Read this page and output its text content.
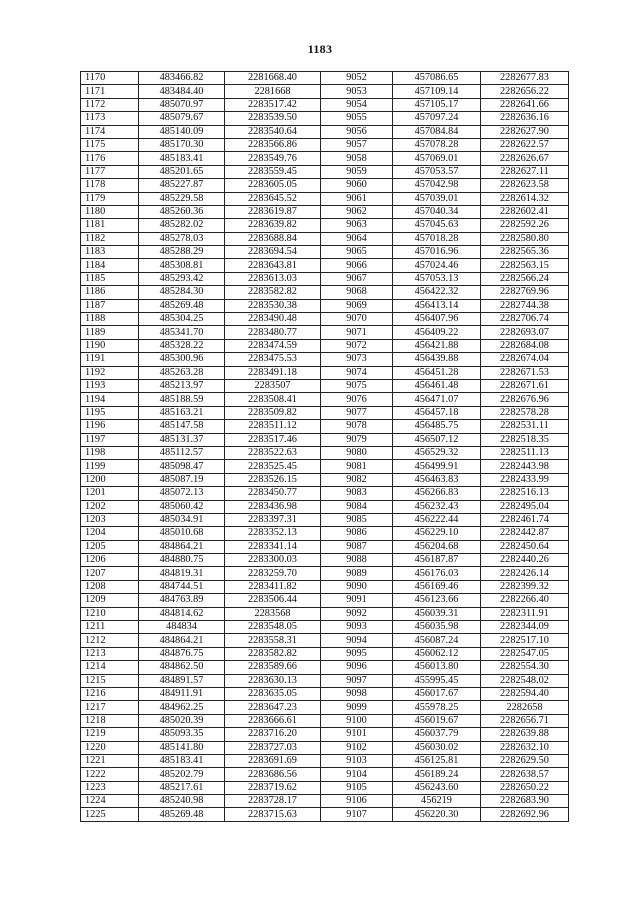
1183
1170	483466.82	2281668.40	9052	457086.65	2282677.83
1171	483484.40	2281668	9053	457109.14	2282656.22
1172	485070.97	2283517.42	9054	457105.17	2282641.66
1173	485079.67	2283539.50	9055	457097.24	2282636.16
1174	485140.09	2283540.64	9056	457084.84	2282627.90
1175	485170.30	2283566.86	9057	457078.28	2282622.57
1176	485183.41	2283549.76	9058	457069.01	2282626.67
1177	485201.65	2283559.45	9059	457053.57	2282627.11
1178	485227.87	2283605.05	9060	457042.98	2282623.58
1179	485229.58	2283645.52	9061	457039.01	2282614.32
1180	485260.36	2283619.87	9062	457040.34	2282602.41
1181	485282.02	2283639.82	9063	457045.63	2282592.26
1182	485278.03	2283688.84	9064	457018.28	2282580.80
1183	485288.29	2283694.54	9065	457016.96	2282565.36
1184	485308.81	2283643.81	9066	457024.46	2282563.15
1185	485293.42	2283613.03	9067	457053.13	2282566.24
1186	485284.30	2283582.82	9068	456422.32	2282769.96
1187	485269.48	2283530.38	9069	456413.14	2282744.38
1188	485304.25	2283490.48	9070	456407.96	2282706.74
1189	485341.70	2283480.77	9071	456409.22	2282693.07
1190	485328.22	2283474.59	9072	456421.88	2282684.08
1191	485300.96	2283475.53	9073	456439.88	2282674.04
1192	485263.28	2283491.18	9074	456451.28	2282671.53
1193	485213.97	2283507	9075	456461.48	2282671.61
1194	485188.59	2283508.41	9076	456471.07	2282676.96
1195	485163.21	2283509.82	9077	456457.18	2282578.28
1196	485147.58	2283511.12	9078	456485.75	2282531.11
1197	485131.37	2283517.46	9079	456507.12	2282518.35
1198	485112.57	2283522.63	9080	456529.32	2282511.13
1199	485098.47	2283525.45	9081	456499.91	2282443.98
1200	485087.19	2283526.15	9082	456463.83	2282433.99
1201	485072.13	2283450.77	9083	456266.83	2282516.13
1202	485060.42	2283436.98	9084	456232.43	2282495.04
1203	485034.91	2283397.31	9085	456222.44	2282461.74
1204	485010.68	2283352.13	9086	456229.10	2282442.87
1205	484864.21	2283341.14	9087	456204.68	2282450.64
1206	484880.75	2283300.03	9088	456187.87	2282440.26
1207	484819.31	2283259.70	9089	456176.03	2282426.14
1208	484744.51	2283411.82	9090	456169.46	2282399.32
1209	484763.89	2283506.44	9091	456123.66	2282266.40
1210	484814.62	2283568	9092	456039.31	2282311.91
1211	484834	2283548.05	9093	456035.98	2282344.09
1212	484864.21	2283558.31	9094	456087.24	2282517.10
1213	484876.75	2283582.82	9095	456062.12	2282547.05
1214	484862.50	2283589.66	9096	456013.80	2282554.30
1215	484891.57	2283630.13	9097	455995.45	2282548.02
1216	484911.91	2283635.05	9098	456017.67	2282594.40
1217	484962.25	2283647.23	9099	455978.25	2282658
1218	485020.39	2283666.61	9100	456019.67	2282656.71
1219	485093.35	2283716.20	9101	456037.79	2282639.88
1220	485141.80	2283727.03	9102	456030.02	2282632.10
1221	485183.41	2283691.69	9103	456125.81	2282629.50
1222	485202.79	2283686.56	9104	456189.24	2282638.57
1223	485217.61	2283719.62	9105	456243.60	2282650.22
1224	485240.98	2283728.17	9106	456219	2282683.90
1225	485269.48	2283715.63	9107	456220.30	2282692.96
